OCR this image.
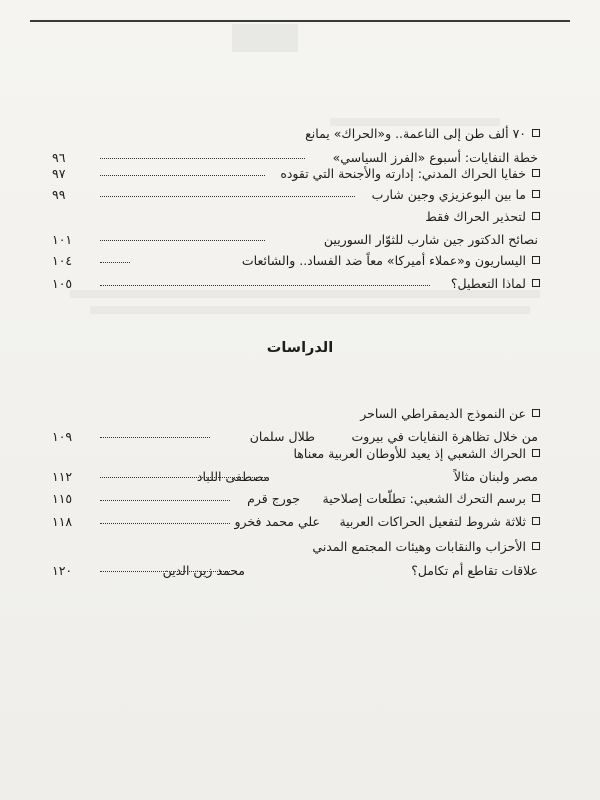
٧٠ ألف طن إلى الناعمة.. و«الحراك» يمانع
خطة النفايات: أسبوع «الفرز السياسي»
٩٦
خفايا الحراك المدني: إدارته والأجنحة التي تقوده
٩٧
ما بين البوعزيزي وجين شارب
٩٩
لتحذير الحراك فقط
نصائح الدكتور جين شارب للثوّار السوريين
١٠١
اليساريون و«عملاء أميركا» معاً ضد الفساد.. والشائعات
١٠٤
لماذا التعطيل؟
١٠٥
الدراسات
عن النموذج الديمقراطي الساحر
من خلال تظاهرة النفايات في بيروت
طلال سلمان
١٠٩
الحراك الشعبي إذ يعيد للأوطان العربية معناها
مصر ولبنان مثالاً
مصطفى اللباد
١١٢
برسم التحرك الشعبي: تطلّعات إصلاحية
جورج قرم
١١٥
ثلاثة شروط لتفعيل الحراكات العربية
علي محمد فخرو
١١٨
الأحزاب والنقابات وهيئات المجتمع المدني
علاقات تقاطع أم تكامل؟
محمد زين الدين
١٢٠
